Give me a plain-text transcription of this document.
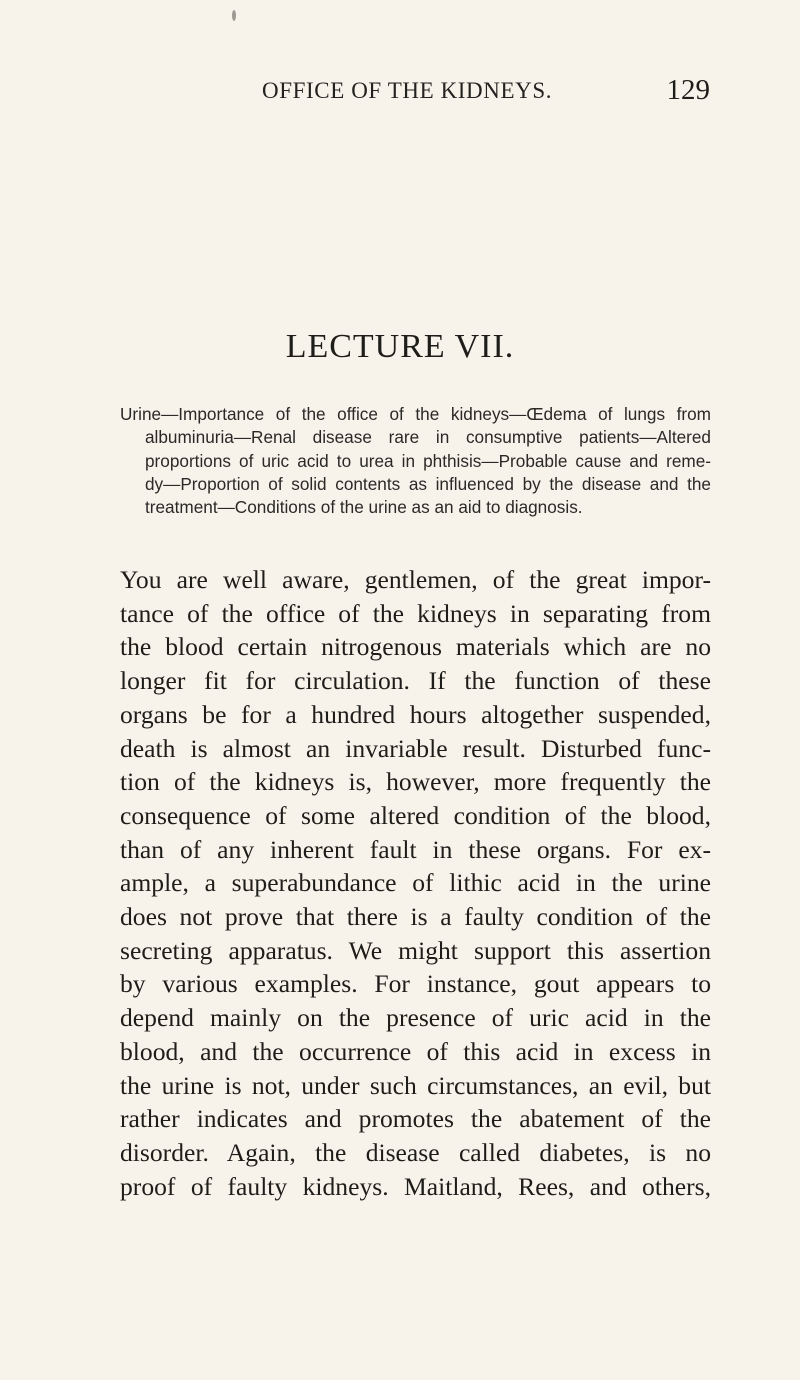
OFFICE OF THE KIDNEYS.	129
LECTURE VII.
Urine—Importance of the office of the kidneys—Œdema of lungs from
albuminuria—Renal disease rare in consumptive patients—Altered
proportions of uric acid to urea in phthisis—Probable cause and reme-
dy—Proportion of solid contents as influenced by the disease and the
treatment—Conditions of the urine as an aid to diagnosis.
You are well aware, gentlemen, of the great impor-
tance of the office of the kidneys in separating from
the blood certain nitrogenous materials which are no
longer fit for circulation. If the function of these
organs be for a hundred hours altogether suspended,
death is almost an invariable result. Disturbed func-
tion of the kidneys is, however, more frequently the
consequence of some altered condition of the blood,
than of any inherent fault in these organs. For ex-
ample, a superabundance of lithic acid in the urine
does not prove that there is a faulty condition of the
secreting apparatus. We might support this assertion
by various examples. For instance, gout appears to
depend mainly on the presence of uric acid in the
blood, and the occurrence of this acid in excess in
the urine is not, under such circumstances, an evil, but
rather indicates and promotes the abatement of the
disorder. Again, the disease called diabetes, is no
proof of faulty kidneys. Maitland, Rees, and others,
